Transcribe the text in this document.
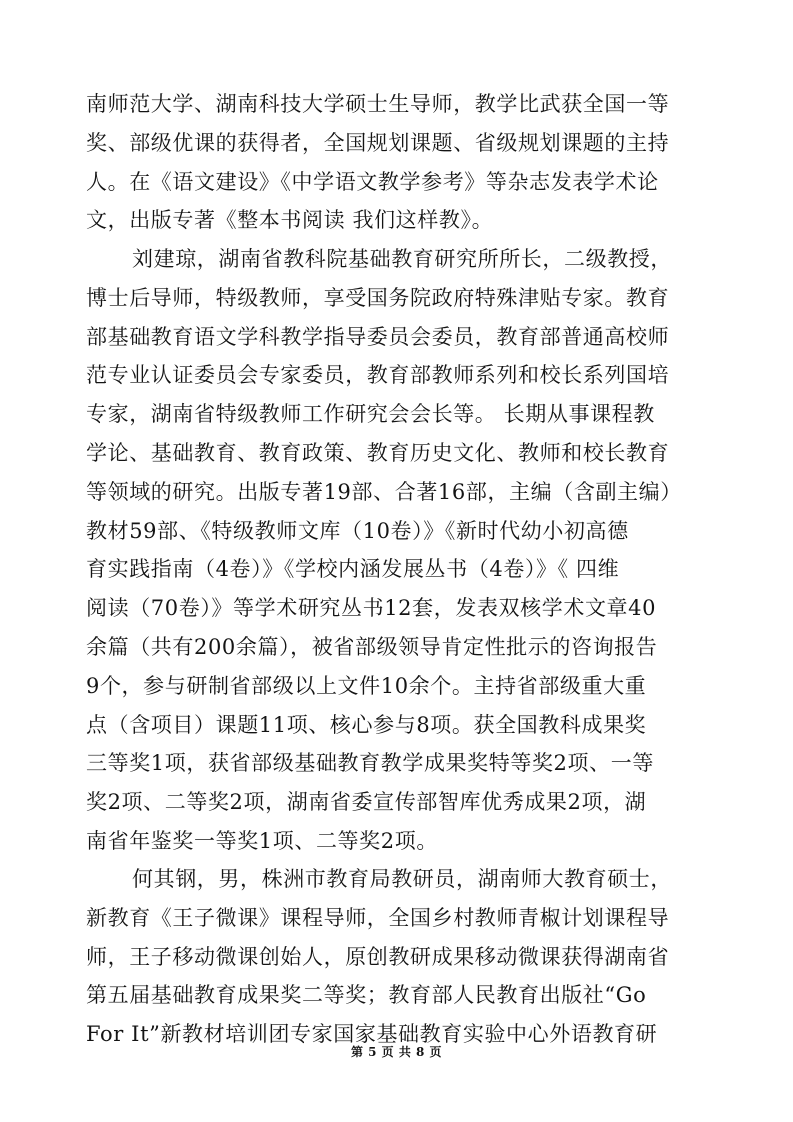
南师范大学、湖南科技大学硕士生导师，教学比武获全国一等
奖、部级优课的获得者，全国规划课题、省级规划课题的主持
人。在《语文建设》《中学语文教学参考》等杂志发表学术论
文，出版专著《整本书阅读 我们这样教》。
刘建琼，湖南省教科院基础教育研究所所长，二级教授，
博士后导师，特级教师，享受国务院政府特殊津贴专家。教育
部基础教育语文学科教学指导委员会委员，教育部普通高校师
范专业认证委员会专家委员，教育部教师系列和校长系列国培
专家，湖南省特级教师工作研究会会长等。 长期从事课程教
学论、基础教育、教育政策、教育历史文化、教师和校长教育
等领域的研究。出版专著19部、合著16部，主编（含副主编）
教材59部、《特级教师文库（10卷）》《新时代幼小初高德
育实践指南（4卷）》《学校内涵发展丛书（4卷）》《 四维
阅读（70卷）》等学术研究丛书12套，发表双核学术文章40
余篇（共有200余篇），被省部级领导肯定性批示的咨询报告
9个，参与研制省部级以上文件10余个。主持省部级重大重
点（含项目）课题11项、核心参与8项。获全国教科成果奖
三等奖1项，获省部级基础教育教学成果奖特等奖2项、一等
奖2项、二等奖2项，湖南省委宣传部智库优秀成果2项，湖
南省年鉴奖一等奖1项、二等奖2项。
何其钢，男，株洲市教育局教研员，湖南师大教育硕士，
新教育《王子微课》课程导师，全国乡村教师青椒计划课程导
师，王子移动微课创始人，原创教研成果移动微课获得湖南省
第五届基础教育成果奖二等奖；教育部人民教育出版社“Go
For It”新教材培训团专家国家基础教育实验中心外语教育研
第 5 页 共 8 页
